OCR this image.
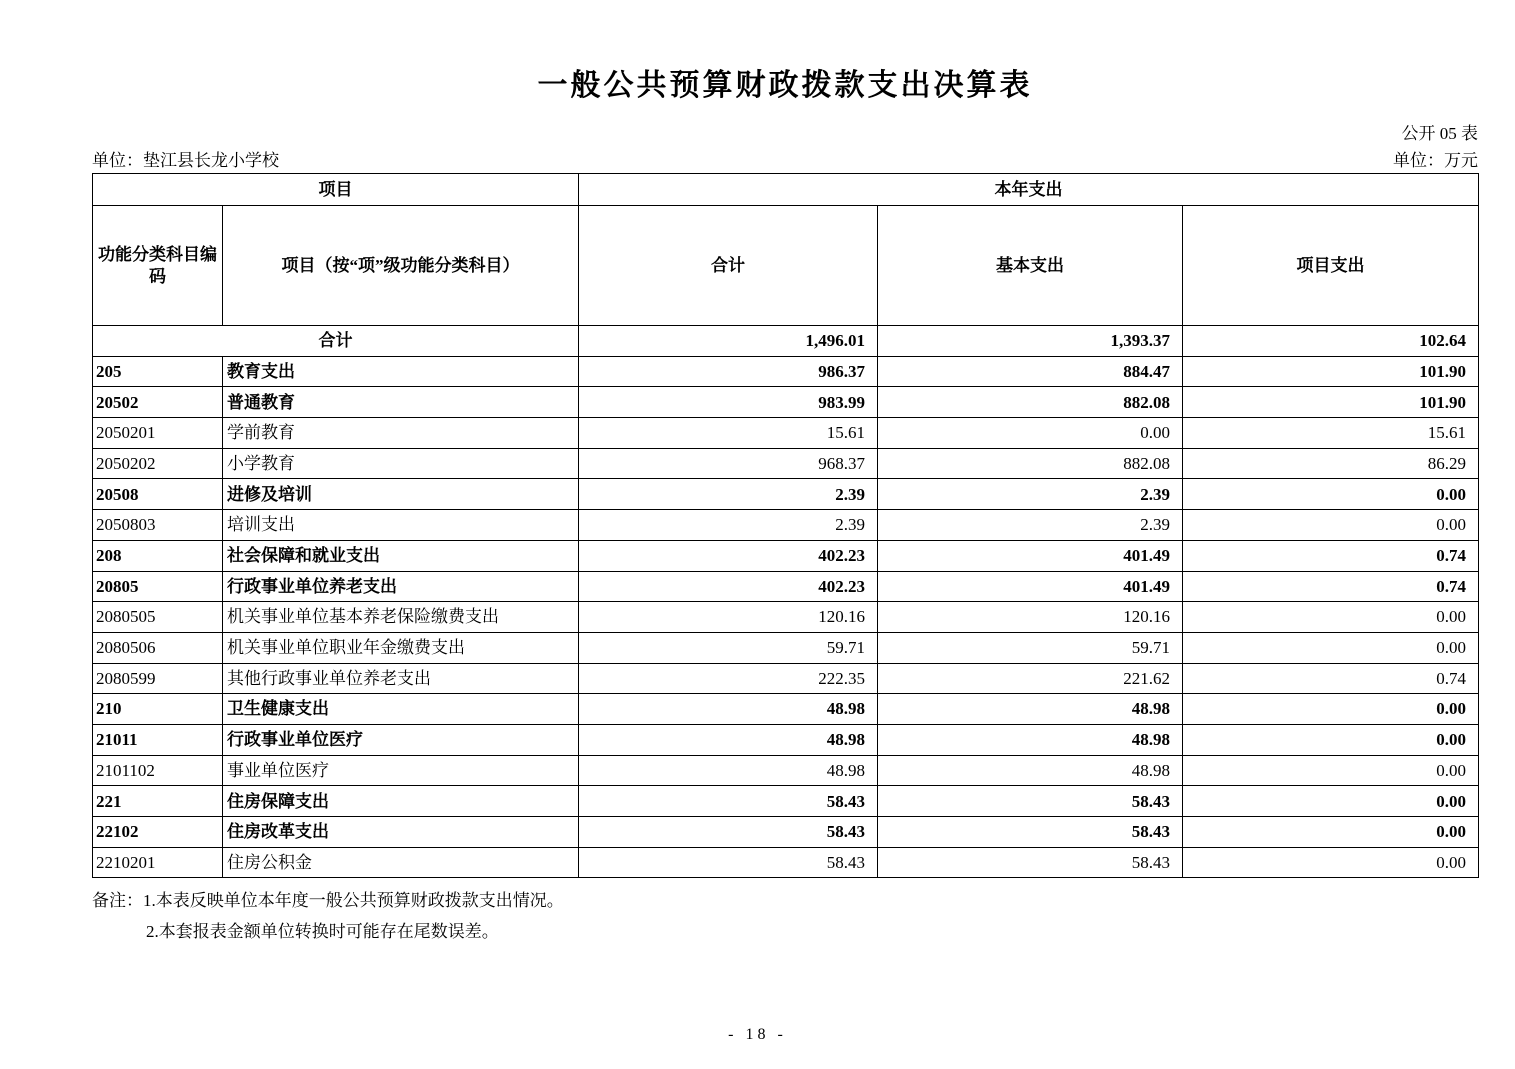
一般公共预算财政拨款支出决算表
公开 05 表
单位：垫江县长龙小学校	单位：万元
项目		本年支出		
功能分类科目编码	项目（按“项”级功能分类科目）	合计	基本支出	项目支出
合计		1,496.01	1,393.37	102.64
205	教育支出	986.37	884.47	101.90
20502	普通教育	983.99	882.08	101.90
2050201	学前教育	15.61	0.00	15.61
2050202	小学教育	968.37	882.08	86.29
20508	进修及培训	2.39	2.39	0.00
2050803	培训支出	2.39	2.39	0.00
208	社会保障和就业支出	402.23	401.49	0.74
20805	行政事业单位养老支出	402.23	401.49	0.74
2080505	机关事业单位基本养老保险缴费支出	120.16	120.16	0.00
2080506	机关事业单位职业年金缴费支出	59.71	59.71	0.00
2080599	其他行政事业单位养老支出	222.35	221.62	0.74
210	卫生健康支出	48.98	48.98	0.00
21011	行政事业单位医疗	48.98	48.98	0.00
2101102	事业单位医疗	48.98	48.98	0.00
221	住房保障支出	58.43	58.43	0.00
22102	住房改革支出	58.43	58.43	0.00
2210201	住房公积金	58.43	58.43	0.00
备注：1.本表反映单位本年度一般公共预算财政拨款支出情况。
2.本套报表金额单位转换时可能存在尾数误差。
- 18 -
